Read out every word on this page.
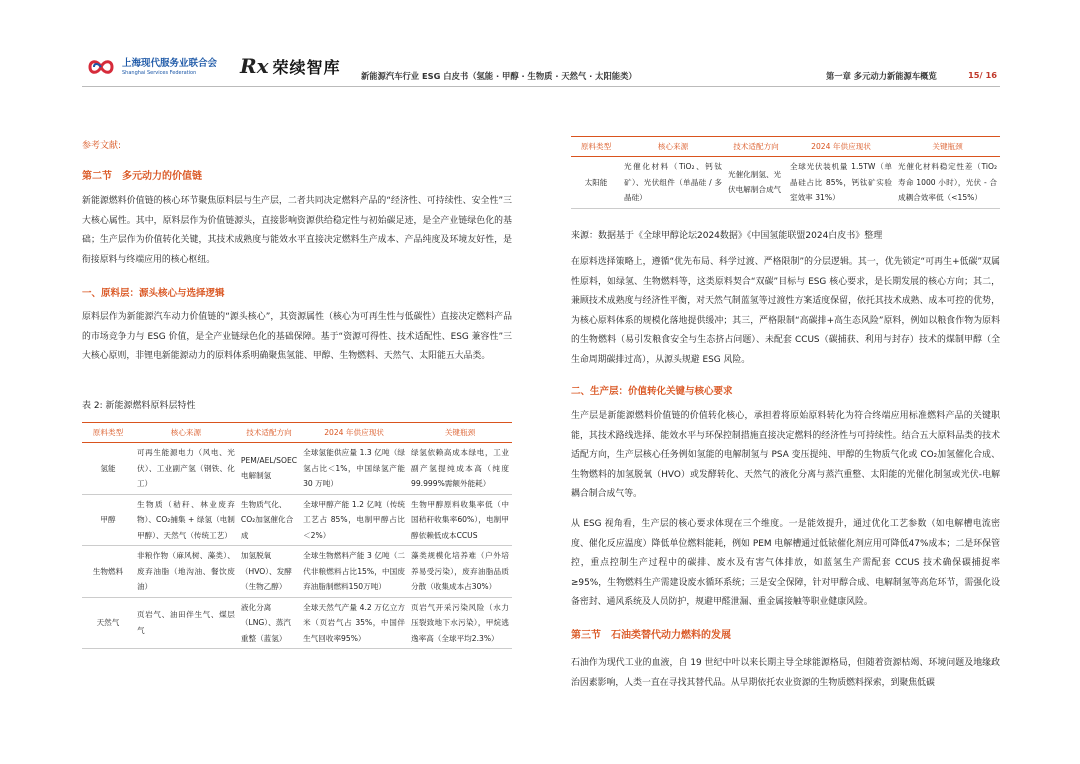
上海现代服务业联合会
Shanghai Services Federation	Rx 荣续智库 新能源汽车行业 ESG 白皮书（氢能 · 甲醇 · 生物质 · 天然气 · 太阳能类）	第一章 多元动力新能源车概览	15/ 16
参考文献:
第二节　多元动力的价值链

新能源燃料价值链的核心环节聚焦原料层与生产层，二者共同决定燃料产品的“经济性、可持续性、安全性”三大核心属性。其中，原料层作为价值链源头，直接影响资源供给稳定性与初始碳足迹，是全产业链绿色化的基础；生产层作为价值转化关键，其技术成熟度与能效水平直接决定燃料生产成本、产品纯度及环境友好性，是衔接原料与终端应用的核心枢纽。

一、原料层：源头核心与选择逻辑

原料层作为新能源汽车动力价值链的“源头核心”，其资源属性（核心为可再生性与低碳性）直接决定燃料产品的市场竞争力与 ESG 价值，是全产业链绿色化的基础保障。基于“资源可得性、技术适配性、ESG 兼容性”三大核心原则，非锂电新能源动力的原料体系明确聚焦氢能、甲醇、生物燃料、天然气、太阳能五大品类。

表 2: 新能源燃料原料层特性
原料类型	核心来源	技术适配方向	2024 年供应现状	关键瓶颈
氢能	可再生能源电力（风电、光伏）、工业副产氢（钢铁、化工）	PEM/AEL/SOEC 电解制氢	全球氢能供应量 1.3 亿吨（绿氢占比＜1%，中国绿氢产能 30 万吨）	绿氢依赖高成本绿电，工业副产氢提纯成本高（纯度99.999%需额外能耗）
甲醇	生物质（秸秆、林业废弃物）、CO₂捕集 + 绿氢（电制甲醇）、天然气（传统工艺）	生物质气化、CO₂加氢催化合成	全球甲醇产能 1.2 亿吨（传统工艺占 85%，电制甲醇占比＜2%）	生物甲醇原料收集率低（中国秸秆收集率60%），电制甲醇依赖低成本CCUS
生物燃料	非粮作物（麻风树、藻类）、废弃油脂（地沟油、餐饮废油）	加氢脱氧（HVO）、发酵（生物乙醇）	全球生物燃料产能 3 亿吨（二代非粮燃料占比15%，中国废弃油脂制燃料150万吨）	藻类规模化培养难（户外培养易受污染），废弃油脂品质分散（收集成本占30%）
天然气	页岩气、油田伴生气、煤层气	液化分离（LNG）、蒸汽重整（蓝氢）	全球天然气产量 4.2 万亿立方米（页岩气占 35%，中国伴生气回收率95%）	页岩气开采污染风险（水力压裂致地下水污染），甲烷逃逸率高（全球平均2.3%）
原料类型	核心来源	技术适配方向	2024 年供应现状	关键瓶颈
太阳能	光催化材料（TiO₂、钙钛矿）、光伏组件（单晶硅 / 多晶硅）	光催化制氢、光伏电解制合成气	全球光伏装机量 1.5TW（单晶硅占比 85%，钙钛矿实验室效率 31%）	光催化材料稳定性差（TiO₂寿命 1000 小时），光伏 - 合成耦合效率低（<15%）
来源：数据基于《全球甲醇论坛2024数据》《中国氢能联盟2024白皮书》整理

在原料选择策略上，遵循“优先布局、科学过渡、严格限制”的分层逻辑。其一，优先锁定“可再生+低碳”双属性原料，如绿氢、生物燃料等，这类原料契合“双碳”目标与 ESG 核心要求，是长期发展的核心方向；其二，兼顾技术成熟度与经济性平衡，对天然气制蓝氢等过渡性方案适度保留，依托其技术成熟、成本可控的优势，为核心原料体系的规模化落地提供缓冲；其三，严格限制“高碳排+高生态风险”原料，例如以粮食作物为原料的生物燃料（易引发粮食安全与生态挤占问题）、未配套 CCUS（碳捕获、利用与封存）技术的煤制甲醇（全生命周期碳排过高），从源头规避 ESG 风险。

二、生产层：价值转化关键与核心要求

生产层是新能源燃料价值链的价值转化核心，承担着将原始原料转化为符合终端应用标准燃料产品的关键职能，其技术路线选择、能效水平与环保控制措施直接决定燃料的经济性与可持续性。结合五大原料品类的技术适配方向，生产层核心任务例如氢能的电解制氢与 PSA 变压提纯、甲醇的生物质气化或 CO₂加氢催化合成、生物燃料的加氢脱氧（HVO）或发酵转化、天然气的液化分离与蒸汽重整、太阳能的光催化制氢或光伏-电解耦合制合成气等。

从 ESG 视角看，生产层的核心要求体现在三个维度。一是能效提升，通过优化工艺参数（如电解槽电流密度、催化反应温度）降低单位燃料能耗，例如 PEM 电解槽通过低铱催化剂应用可降低47%成本；二是环保管控，重点控制生产过程中的碳排、废水及有害气体排放，如蓝氢生产需配套 CCUS 技术确保碳捕捉率≥95%，生物燃料生产需建设废水循环系统；三是安全保障，针对甲醇合成、电解制氢等高危环节，需强化设备密封、通风系统及人员防护，规避甲醛泄漏、重金属接触等职业健康风险。

第三节　石油类替代动力燃料的发展

石油作为现代工业的血液，自 19 世纪中叶以来长期主导全球能源格局，但随着资源枯竭、环境问题及地缘政治因素影响，人类一直在寻找其替代品。从早期依托农业资源的生物质燃料探索，到聚焦低碳
